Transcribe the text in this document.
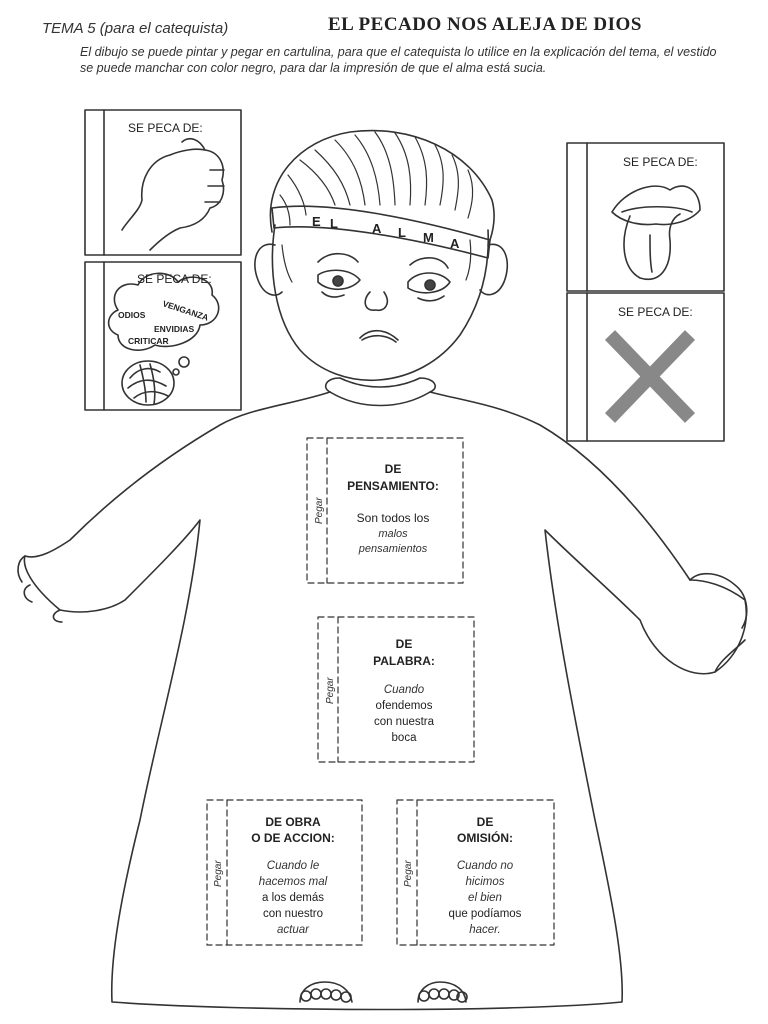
TEMA 5 (para el catequista)	EL PECADO NOS ALEJA DE DIOS
El dibujo se puede pintar y pegar en cartulina, para que el catequista lo utilice en la explicación del tema, el vestido se puede manchar con color negro, para dar la impresión de que el alma está sucia.
E L	A L M A
SE PECA DE:
SE PECA DE:
SE PECA DE:
SE PECA DE:
ODIOS VENGANZA
ENVIDIAS
CRITICAR
Pegar
DE
PENSAMIENTO:
Son todos los
malos
pensamientos
Pegar
DE
PALABRA:
Cuando
ofendemos
con nuestra
boca
Pegar
DE OBRA
O DE ACCION:
Cuando le
hacemos mal
a los demás
con nuestro
actuar
Pegar
DE
OMISIÓN:
Cuando no
hicimos
el bien
que podíamos
hacer.
